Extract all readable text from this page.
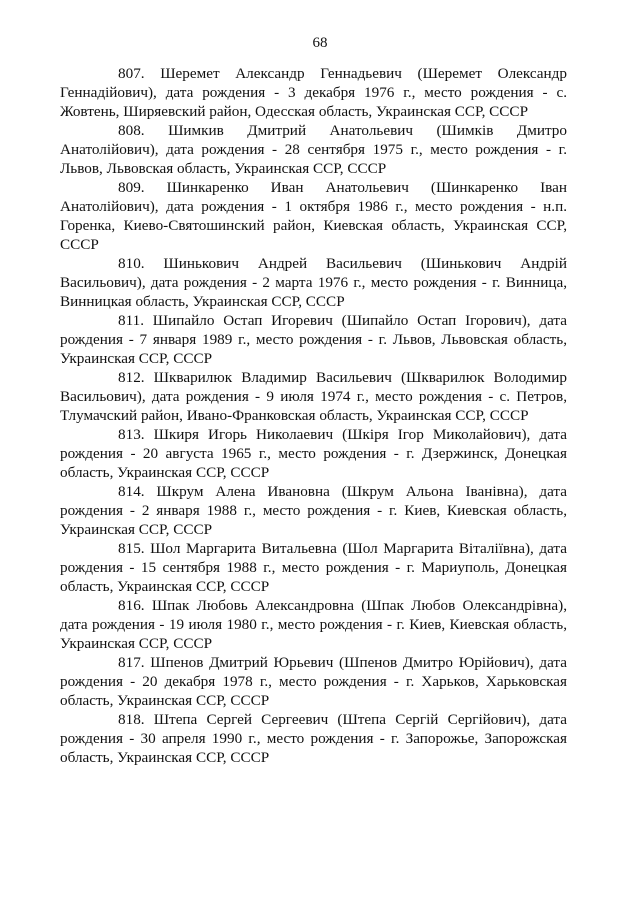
68

807. Шеремет Александр Геннадьевич (Шеремет Олександр Геннадійович), дата рождения - 3 декабря 1976 г., место рождения - с. Жовтень, Ширяевский район, Одесская область, Украинская ССР, СССР

808. Шимкив Дмитрий Анатольевич (Шимків Дмитро Анатолійович), дата рождения - 28 сентября 1975 г., место рождения - г. Львов, Львовская область, Украинская ССР, СССР

809. Шинкаренко Иван Анатольевич (Шинкаренко Іван Анатолійович), дата рождения - 1 октября 1986 г., место рождения - н.п. Горенка, Киево-Святошинский район, Киевская область, Украинская ССР, СССР

810. Шинькович Андрей Васильевич (Шинькович Андрій Васильович), дата рождения - 2 марта 1976 г., место рождения - г. Винница, Винницкая область, Украинская ССР, СССР

811. Шипайло Остап Игоревич (Шипайло Остап Ігорович), дата рождения - 7 января 1989 г., место рождения - г. Львов, Львовская область, Украинская ССР, СССР

812. Шкварилюк Владимир Васильевич (Шкварилюк Володимир Васильович), дата рождения - 9 июля 1974 г., место рождения - с. Петров, Тлумачский район, Ивано-Франковская область, Украинская ССР, СССР

813. Шкиря Игорь Николаевич (Шкіря Ігор Миколайович), дата рождения - 20 августа 1965 г., место рождения - г. Дзержинск, Донецкая область, Украинская ССР, СССР

814. Шкрум Алена Ивановна (Шкрум Альона Іванівна), дата рождения - 2 января 1988 г., место рождения - г. Киев, Киевская область, Украинская ССР, СССР

815. Шол Маргарита Витальевна (Шол Маргарита Віталіївна), дата рождения - 15 сентября 1988 г., место рождения - г. Мариуполь, Донецкая область, Украинская ССР, СССР

816. Шпак Любовь Александровна (Шпак Любов Олександрівна), дата рождения - 19 июля 1980 г., место рождения - г. Киев, Киевская область, Украинская ССР, СССР

817. Шпенов Дмитрий Юрьевич (Шпенов Дмитро Юрійович), дата рождения - 20 декабря 1978 г., место рождения - г. Харьков, Харьковская область, Украинская ССР, СССР

818. Штепа Сергей Сергеевич (Штепа Сергій Сергійович), дата рождения - 30 апреля 1990 г., место рождения - г. Запорожье, Запорожская область, Украинская ССР, СССР
